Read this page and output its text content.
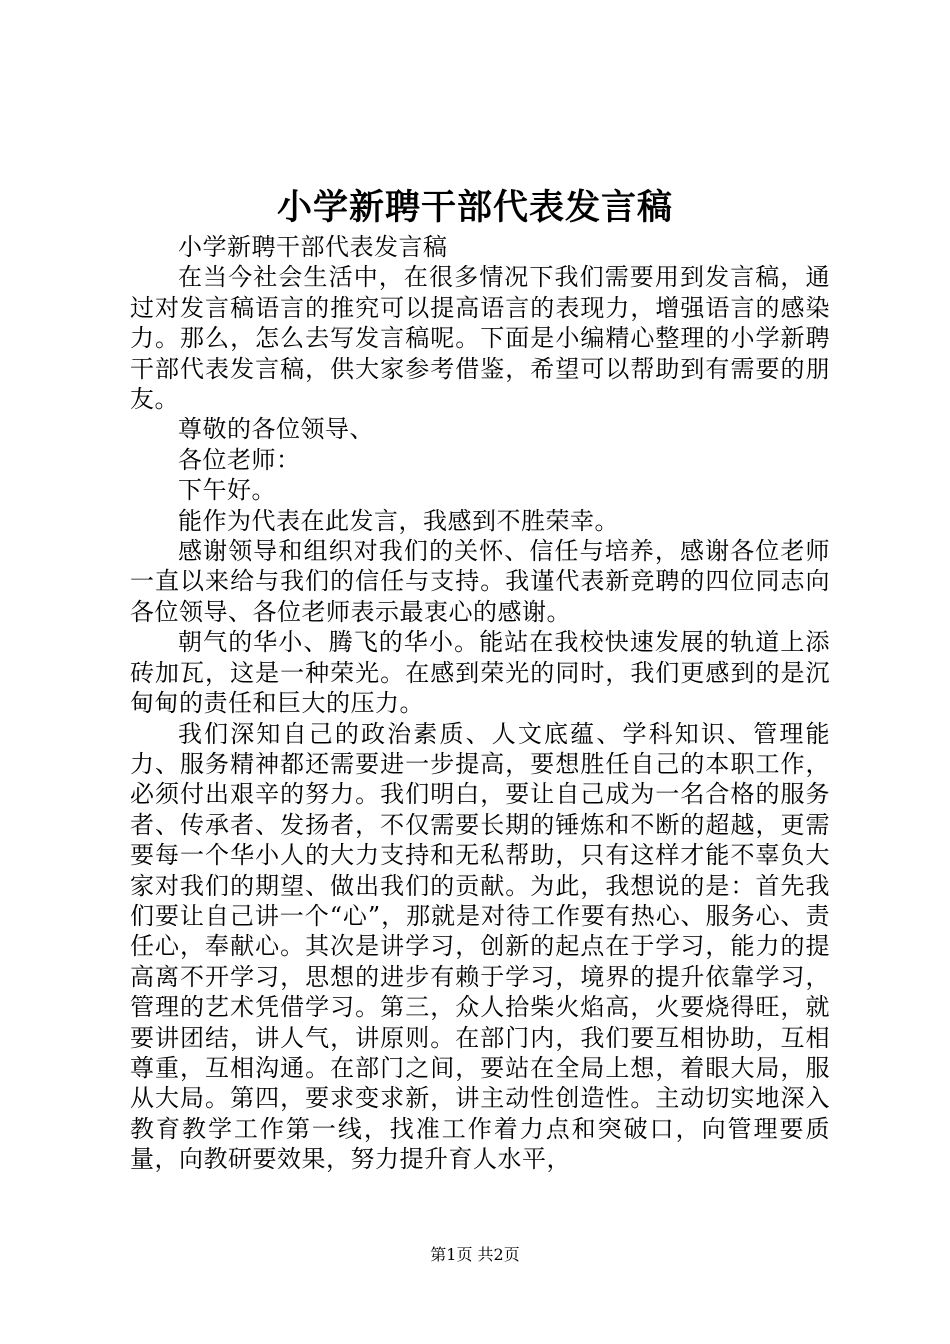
小学新聘干部代表发言稿

小学新聘干部代表发言稿

在当今社会生活中，在很多情况下我们需要用到发言稿，通过对发言稿语言的推究可以提高语言的表现力，增强语言的感染力。那么，怎么去写发言稿呢。下面是小编精心整理的小学新聘干部代表发言稿，供大家参考借鉴，希望可以帮助到有需要的朋友。

尊敬的各位领导、

各位老师：

下午好。

能作为代表在此发言，我感到不胜荣幸。

感谢领导和组织对我们的关怀、信任与培养，感谢各位老师一直以来给与我们的信任与支持。我谨代表新竞聘的四位同志向各位领导、各位老师表示最衷心的感谢。

朝气的华小、腾飞的华小。能站在我校快速发展的轨道上添砖加瓦，这是一种荣光。在感到荣光的同时，我们更感到的是沉甸甸的责任和巨大的压力。

我们深知自己的政治素质、人文底蕴、学科知识、管理能力、服务精神都还需要进一步提高，要想胜任自己的本职工作，必须付出艰辛的努力。我们明白，要让自己成为一名合格的服务者、传承者、发扬者，不仅需要长期的锤炼和不断的超越，更需要每一个华小人的大力支持和无私帮助，只有这样才能不辜负大家对我们的期望、做出我们的贡献。为此，我想说的是：首先我们要让自己讲一个“心”，那就是对待工作要有热心、服务心、责任心，奉献心。其次是讲学习，创新的起点在于学习，能力的提高离不开学习，思想的进步有赖于学习，境界的提升依靠学习，管理的艺术凭借学习。第三，众人拾柴火焰高，火要烧得旺，就要讲团结，讲人气，讲原则。在部门内，我们要互相协助，互相尊重，互相沟通。在部门之间，要站在全局上想，着眼大局，服从大局。第四，要求变求新，讲主动性创造性。主动切实地深入教育教学工作第一线，找准工作着力点和突破口，向管理要质量，向教研要效果，努力提升育人水平，

第1页 共2页
